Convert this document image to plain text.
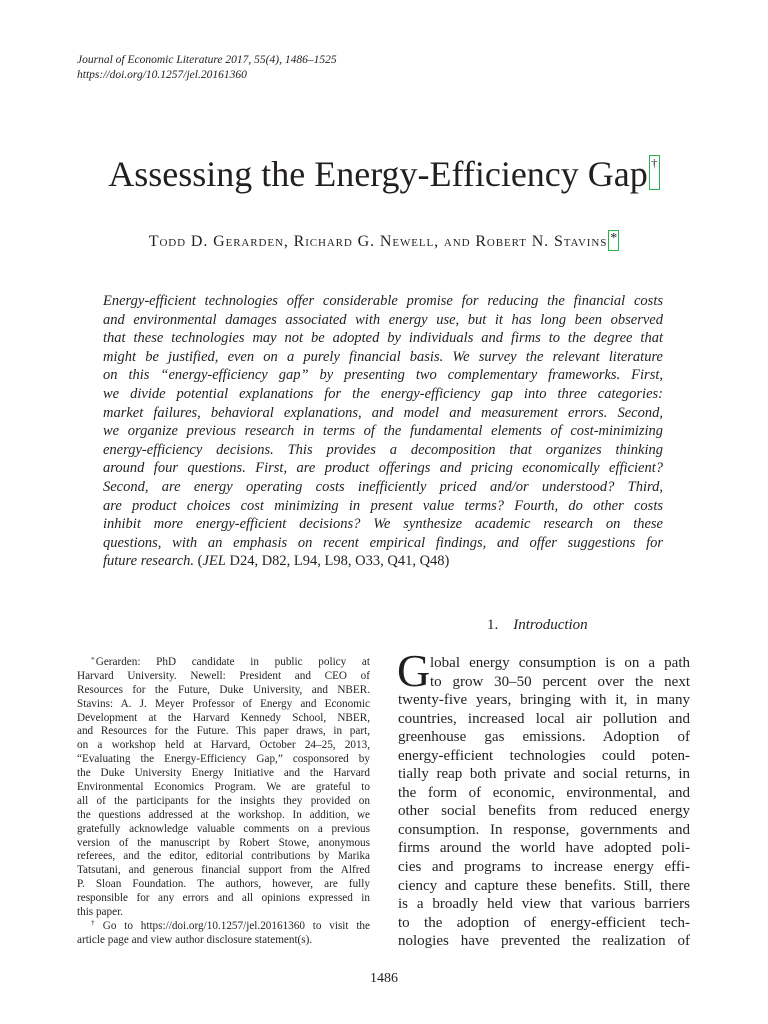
Journal of Economic Literature 2017, 55(4), 1486–1525
https://doi.org/10.1257/jel.20161360
Assessing the Energy-Efficiency Gap †
Todd D. Gerarden, Richard G. Newell, and Robert N. Stavins *
Energy-efficient technologies offer considerable promise for reducing the financial costs
and environmental damages associated with energy use, but it has long been observed
that these technologies may not be adopted by individuals and firms to the degree that
might be justified, even on a purely financial basis. We survey the relevant literature
on this “energy-efficiency gap” by presenting two complementary frameworks. First,
we divide potential explanations for the energy-efficiency gap into three categories:
market failures, behavioral explanations, and model and measurement errors. Second,
we organize previous research in terms of the fundamental elements of cost-minimizing
energy-efficiency decisions. This provides a decomposition that organizes thinking
around four questions. First, are product offerings and pricing economically efficient?
Second, are energy operating costs inefficiently priced and/or understood? Third,
are product choices cost minimizing in present value terms? Fourth, do other costs
inhibit more energy-efficient decisions? We synthesize academic research on these
questions, with an emphasis on recent empirical findings, and offer suggestions for
future research. (JEL D24, D82, L94, L98, O33, Q41, Q48)
1. Introduction
*Gerarden: PhD candidate in public policy at
Harvard University. Newell: President and CEO of
Resources for the Future, Duke University, and NBER.
Stavins: A. J. Meyer Professor of Energy and Economic
Development at the Harvard Kennedy School, NBER,
and Resources for the Future. This paper draws, in part,
on a workshop held at Harvard, October 24–25, 2013,
“Evaluating the Energy-Efficiency Gap,” cosponsored by
the Duke University Energy Initiative and the Harvard
Environmental Economics Program. We are grateful to
all of the participants for the insights they provided on
the questions addressed at the workshop. In addition, we
gratefully acknowledge valuable comments on a previous
version of the manuscript by Robert Stowe, anonymous
referees, and the editor, editorial contributions by Marika
Tatsutani, and generous financial support from the Alfred
P. Sloan Foundation. The authors, however, are fully
responsible for any errors and all opinions expressed in
this paper.
† Go to https://doi.org/10.1257/jel.20161360 to visit the
article page and view author disclosure statement(s).
G lobal energy consumption is on a path
to grow 30–50 percent over the next
twenty-five years, bringing with it, in many
countries, increased local air pollution and
greenhouse gas emissions. Adoption of
energy-efficient technologies could poten-
tially reap both private and social returns, in
the form of economic, environmental, and
other social benefits from reduced energy
consumption. In response, governments and
firms around the world have adopted poli-
cies and programs to increase energy effi-
ciency and capture these benefits. Still, there
is a broadly held view that various barriers
to the adoption of energy-efficient tech-
nologies have prevented the realization of
1486
